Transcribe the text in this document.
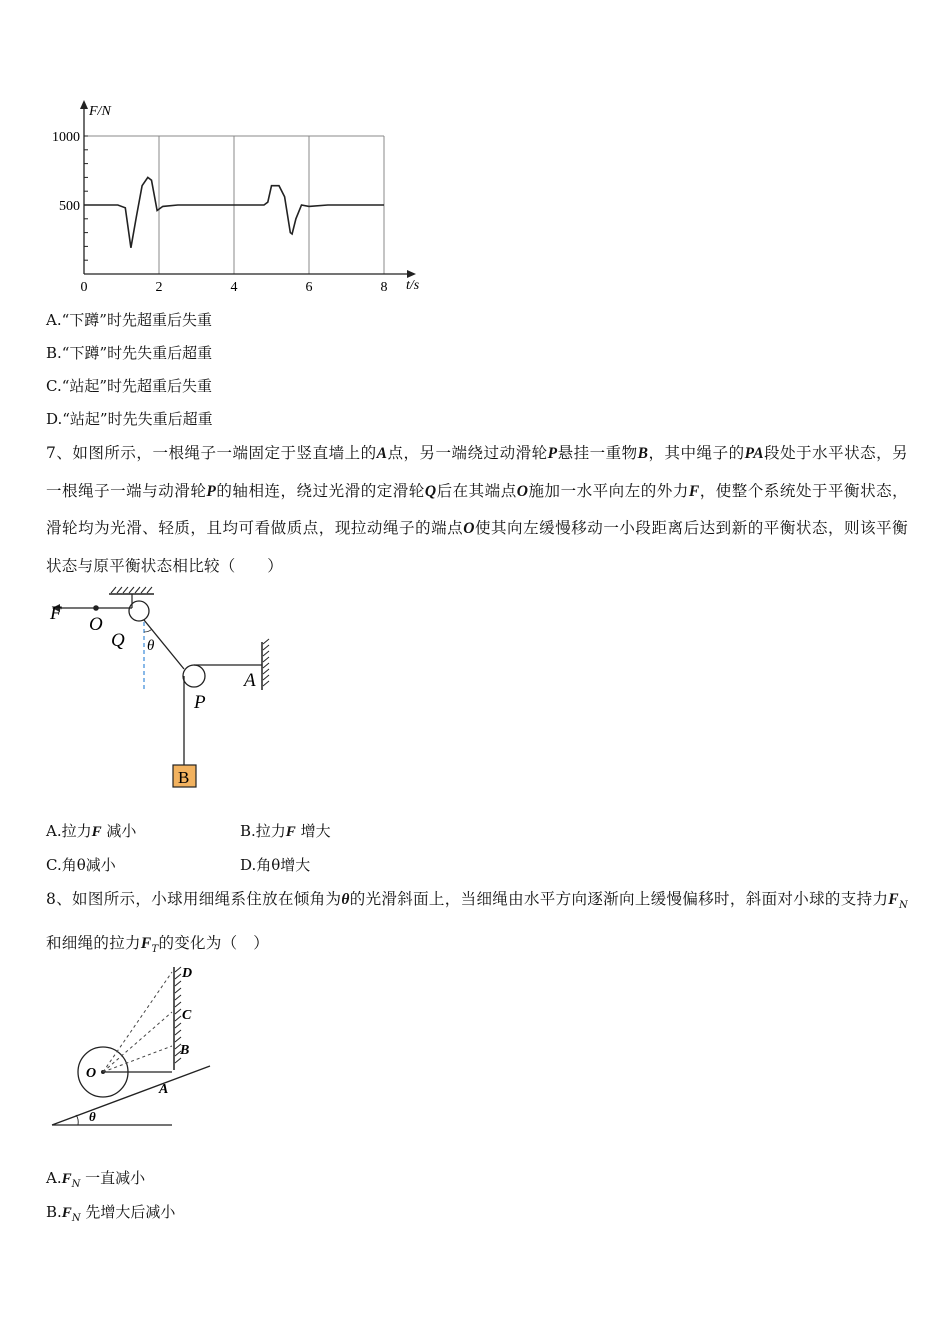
0	2	4	6	8
500
1000
F/N
t/s
A.“下蹲”时先超重后失重
B.“下蹲”时先失重后超重
C.“站起”时先超重后失重
D.“站起”时先失重后超重
7、如图所示，一根绳子一端固定于竖直墙上的A点，另一端绕过动滑轮P悬挂一重物B，其中绳子的PA段处于水平状态，另一根绳子一端与动滑轮P的轴相连，绕过光滑的定滑轮Q后在其端点O施加一水平向左的外力F，使整个系统处于平衡状态，滑轮均为光滑、轻质，且均可看做质点，现拉动绳子的端点O使其向左缓慢移动一小段距离后达到新的平衡状态，则该平衡状态与原平衡状态相比较（　　）
F
O
Q θ
P
A
B
A.拉力F 减小	B.拉力F 增大
C.角θ减小	D.角θ增大
8、如图所示，小球用细绳系住放在倾角为θ的光滑斜面上，当细绳由水平方向逐渐向上缓慢偏移时，斜面对小球的支持力$F_N$和细绳的拉力$F_T$的变化为（　）
D
C
B
A
O
θ
$A.F_N$ 一直减小
$B.F_N$ 先增大后减小
